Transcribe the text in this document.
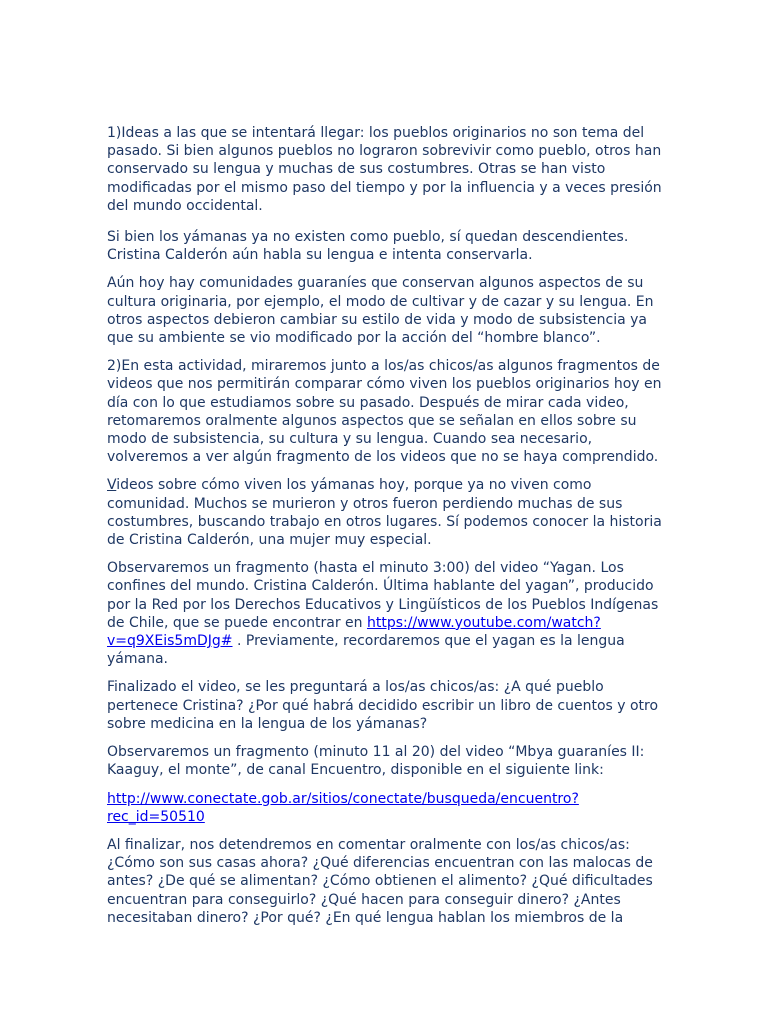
1)Ideas a las que se intentará llegar: los pueblos originarios no son tema del pasado. Si bien algunos pueblos no lograron sobrevivir como pueblo, otros han conservado su lengua y muchas de sus costumbres. Otras se han visto modificadas por el mismo paso del tiempo y por la influencia y a veces presión del mundo occidental.

Si bien los yámanas ya no existen como pueblo, sí quedan descendientes. Cristina Calderón aún habla su lengua e intenta conservarla.

Aún hoy hay comunidades guaraníes que conservan algunos aspectos de su cultura originaria, por ejemplo, el modo de cultivar y de cazar y su lengua. En otros aspectos debieron cambiar su estilo de vida y modo de subsistencia ya que su ambiente se vio modificado por la acción del “hombre blanco”.

2)En esta actividad, miraremos junto a los/as chicos/as algunos fragmentos de videos que nos permitirán comparar cómo viven los pueblos originarios hoy en día con lo que estudiamos sobre su pasado. Después de mirar cada video, retomaremos oralmente algunos aspectos que se señalan en ellos sobre su modo de subsistencia, su cultura y su lengua. Cuando sea necesario, volveremos a ver algún fragmento de los videos que no se haya comprendido.

Videos sobre cómo viven los yámanas hoy, porque ya no viven como comunidad. Muchos se murieron y otros fueron perdiendo muchas de sus costumbres, buscando trabajo en otros lugares. Sí podemos conocer la historia de Cristina Calderón, una mujer muy especial.

Observaremos un fragmento (hasta el minuto 3:00) del video “Yagan. Los confines del mundo. Cristina Calderón. Última hablante del yagan”, producido por la Red por los Derechos Educativos y Lingüísticos de los Pueblos Indígenas de Chile, que se puede encontrar en https://www.youtube.com/watch?v=q9XEis5mDJg# . Previamente, recordaremos que el yagan es la lengua yámana.

Finalizado el video, se les preguntará a los/as chicos/as: ¿A qué pueblo pertenece Cristina? ¿Por qué habrá decidido escribir un libro de cuentos y otro sobre medicina en la lengua de los yámanas?

Observaremos un fragmento (minuto 11 al 20) del video “Mbya guaraníes II: Kaaguy, el monte”, de canal Encuentro, disponible en el siguiente link:

http://www.conectate.gob.ar/sitios/conectate/busqueda/encuentro?rec_id=50510

Al finalizar, nos detendremos en comentar oralmente con los/as chicos/as: ¿Cómo son sus casas ahora? ¿Qué diferencias encuentran con las malocas de antes? ¿De qué se alimentan? ¿Cómo obtienen el alimento? ¿Qué dificultades encuentran para conseguirlo? ¿Qué hacen para conseguir dinero? ¿Antes necesitaban dinero? ¿Por qué? ¿En qué lengua hablan los miembros de la
